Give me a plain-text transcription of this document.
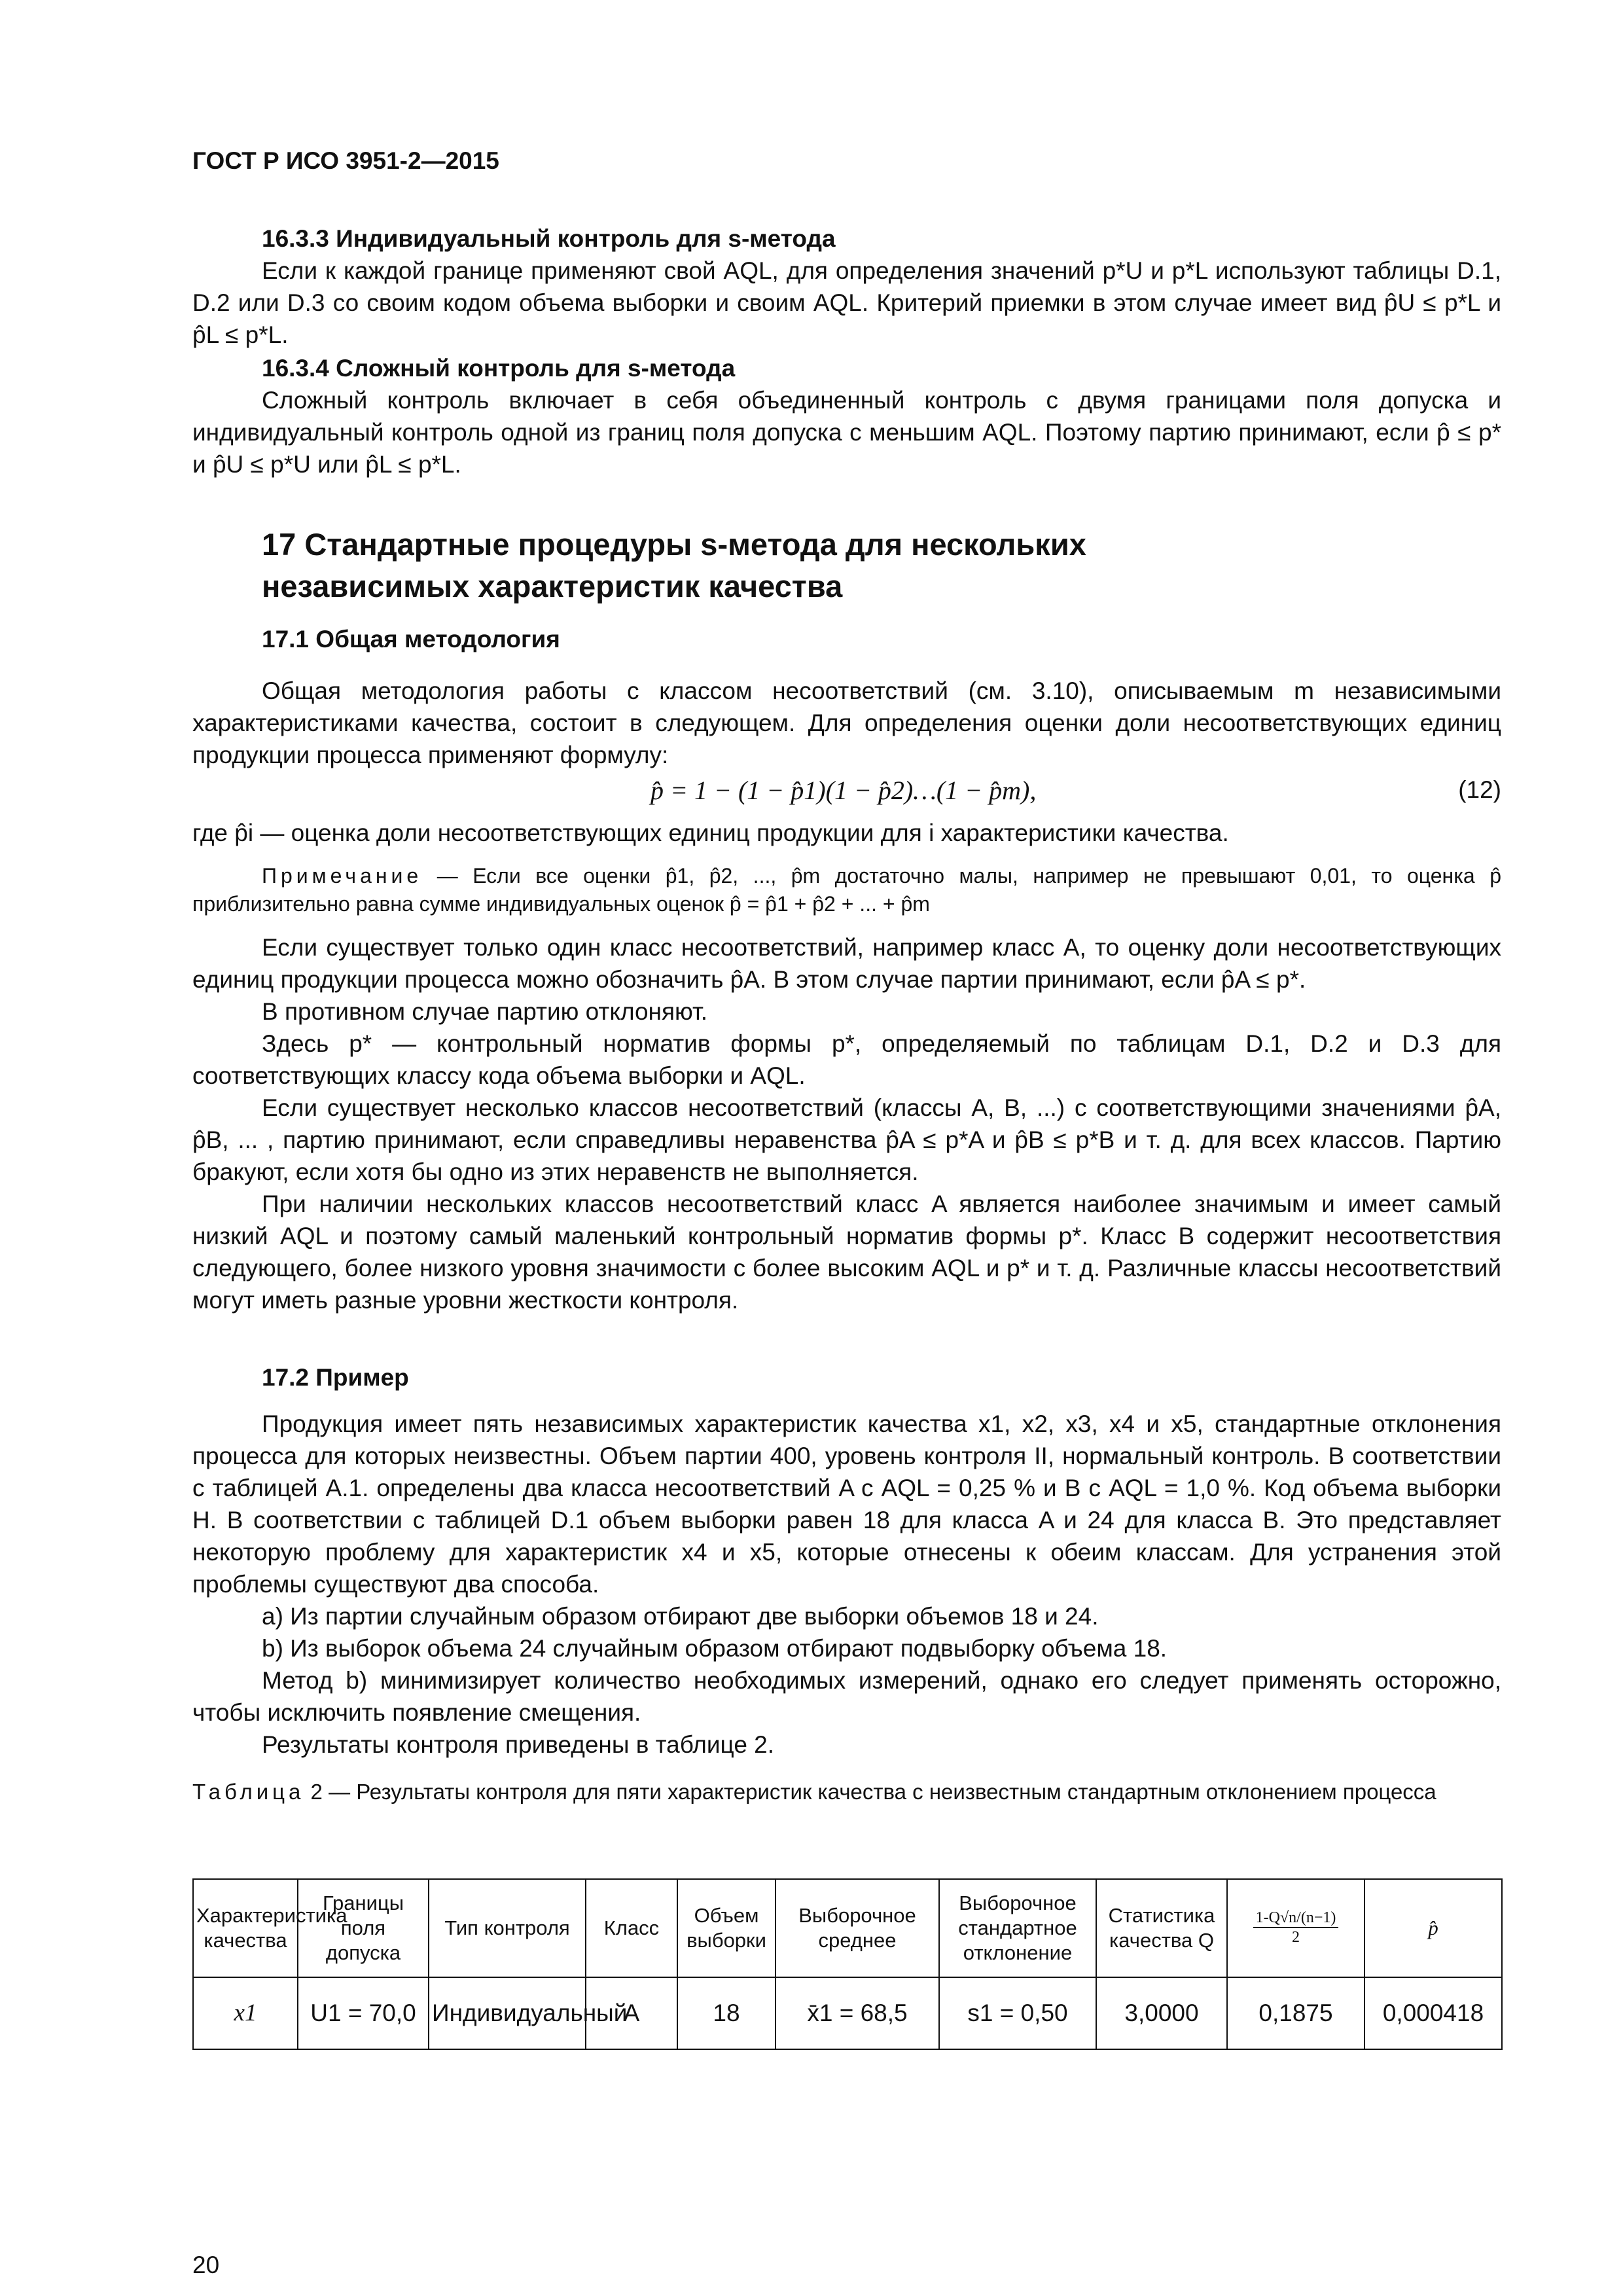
ГОСТ Р ИСО 3951-2—2015

16.3.3 Индивидуальный контроль для s-метода

Если к каждой границе применяют свой AQL, для определения значений p*U и p*L используют таблицы D.1, D.2 или D.3 со своим кодом объема выборки и своим AQL. Критерий приемки в этом случае имеет вид p̂U ≤ p*L и p̂L ≤ p*L.

16.3.4 Сложный контроль для s-метода

Сложный контроль включает в себя объединенный контроль с двумя границами поля допуска и индивидуальный контроль одной из границ поля допуска с меньшим AQL. Поэтому партию принимают, если p̂ ≤ p* и p̂U ≤ p*U или p̂L ≤ p*L.

17 Стандартные процедуры s-метода для нескольких

независимых характеристик качества

17.1 Общая методология

Общая методология работы с классом несоответствий (см. 3.10), описываемым m независимыми характеристиками качества, состоит в следующем. Для определения оценки доли несоответствующих единиц продукции процесса применяют формулу:

p̂ = 1 − (1 − p̂1)(1 − p̂2)…(1 − p̂m),	(12)

где p̂i — оценка доли несоответствующих единиц продукции для i характеристики качества.

Примечание — Если все оценки p̂1, p̂2, ..., p̂m достаточно малы, например не превышают 0,01, то оценка p̂ приблизительно равна сумме индивидуальных оценок p̂ = p̂1 + p̂2 + ... + p̂m

Если существует только один класс несоответствий, например класс A, то оценку доли несоответствующих единиц продукции процесса можно обозначить p̂A. В этом случае партии принимают, если p̂A ≤ p*.

В противном случае партию отклоняют.

Здесь p* — контрольный норматив формы p*, определяемый по таблицам D.1, D.2 и D.3 для соответствующих классу кода объема выборки и AQL.

Если существует несколько классов несоответствий (классы A, B, ...) с соответствующими значениями p̂A, p̂B, ... , партию принимают, если справедливы неравенства p̂A ≤ p*A и p̂B ≤ p*B и т. д. для всех классов. Партию бракуют, если хотя бы одно из этих неравенств не выполняется.

При наличии нескольких классов несоответствий класс A является наиболее значимым и имеет самый низкий AQL и поэтому самый маленький контрольный норматив формы p*. Класс B содержит несоответствия следующего, более низкого уровня значимости с более высоким AQL и p* и т. д. Различные классы несоответствий могут иметь разные уровни жесткости контроля.

17.2 Пример

Продукция имеет пять независимых характеристик качества x1, x2, x3, x4 и x5, стандартные отклонения процесса для которых неизвестны. Объем партии 400, уровень контроля II, нормальный контроль. В соответствии с таблицей A.1. определены два класса несоответствий A с AQL = 0,25 % и B с AQL = 1,0 %. Код объема выборки H. В соответствии с таблицей D.1 объем выборки равен 18 для класса A и 24 для класса B. Это представляет некоторую проблему для характеристик x4 и x5, которые отнесены к обеим классам. Для устранения этой проблемы существуют два способа.

a) Из партии случайным образом отбирают две выборки объемов 18 и 24.

b) Из выборок объема 24 случайным образом отбирают подвыборку объема 18.

Метод b) минимизирует количество необходимых измерений, однако его следует применять осторожно, чтобы исключить появление смещения.

Результаты контроля приведены в таблице 2.

Таблица 2 — Результаты контроля для пяти характеристик качества с неизвестным стандартным отклонением процесса

Характеристика качества	Границы поля допуска	Тип контроля	Класс	Объем выборки	Выборочное среднее	Выборочное стандартное отклонение	Статистика качества Q	$\frac{1-Q√n/(n-1)}{2}$	p̂
x1	U1 = 70,0	Индивидуальный	A	18	x̄1 = 68,5	s1 = 0,50	3,0000	0,1875	0,000418
20
